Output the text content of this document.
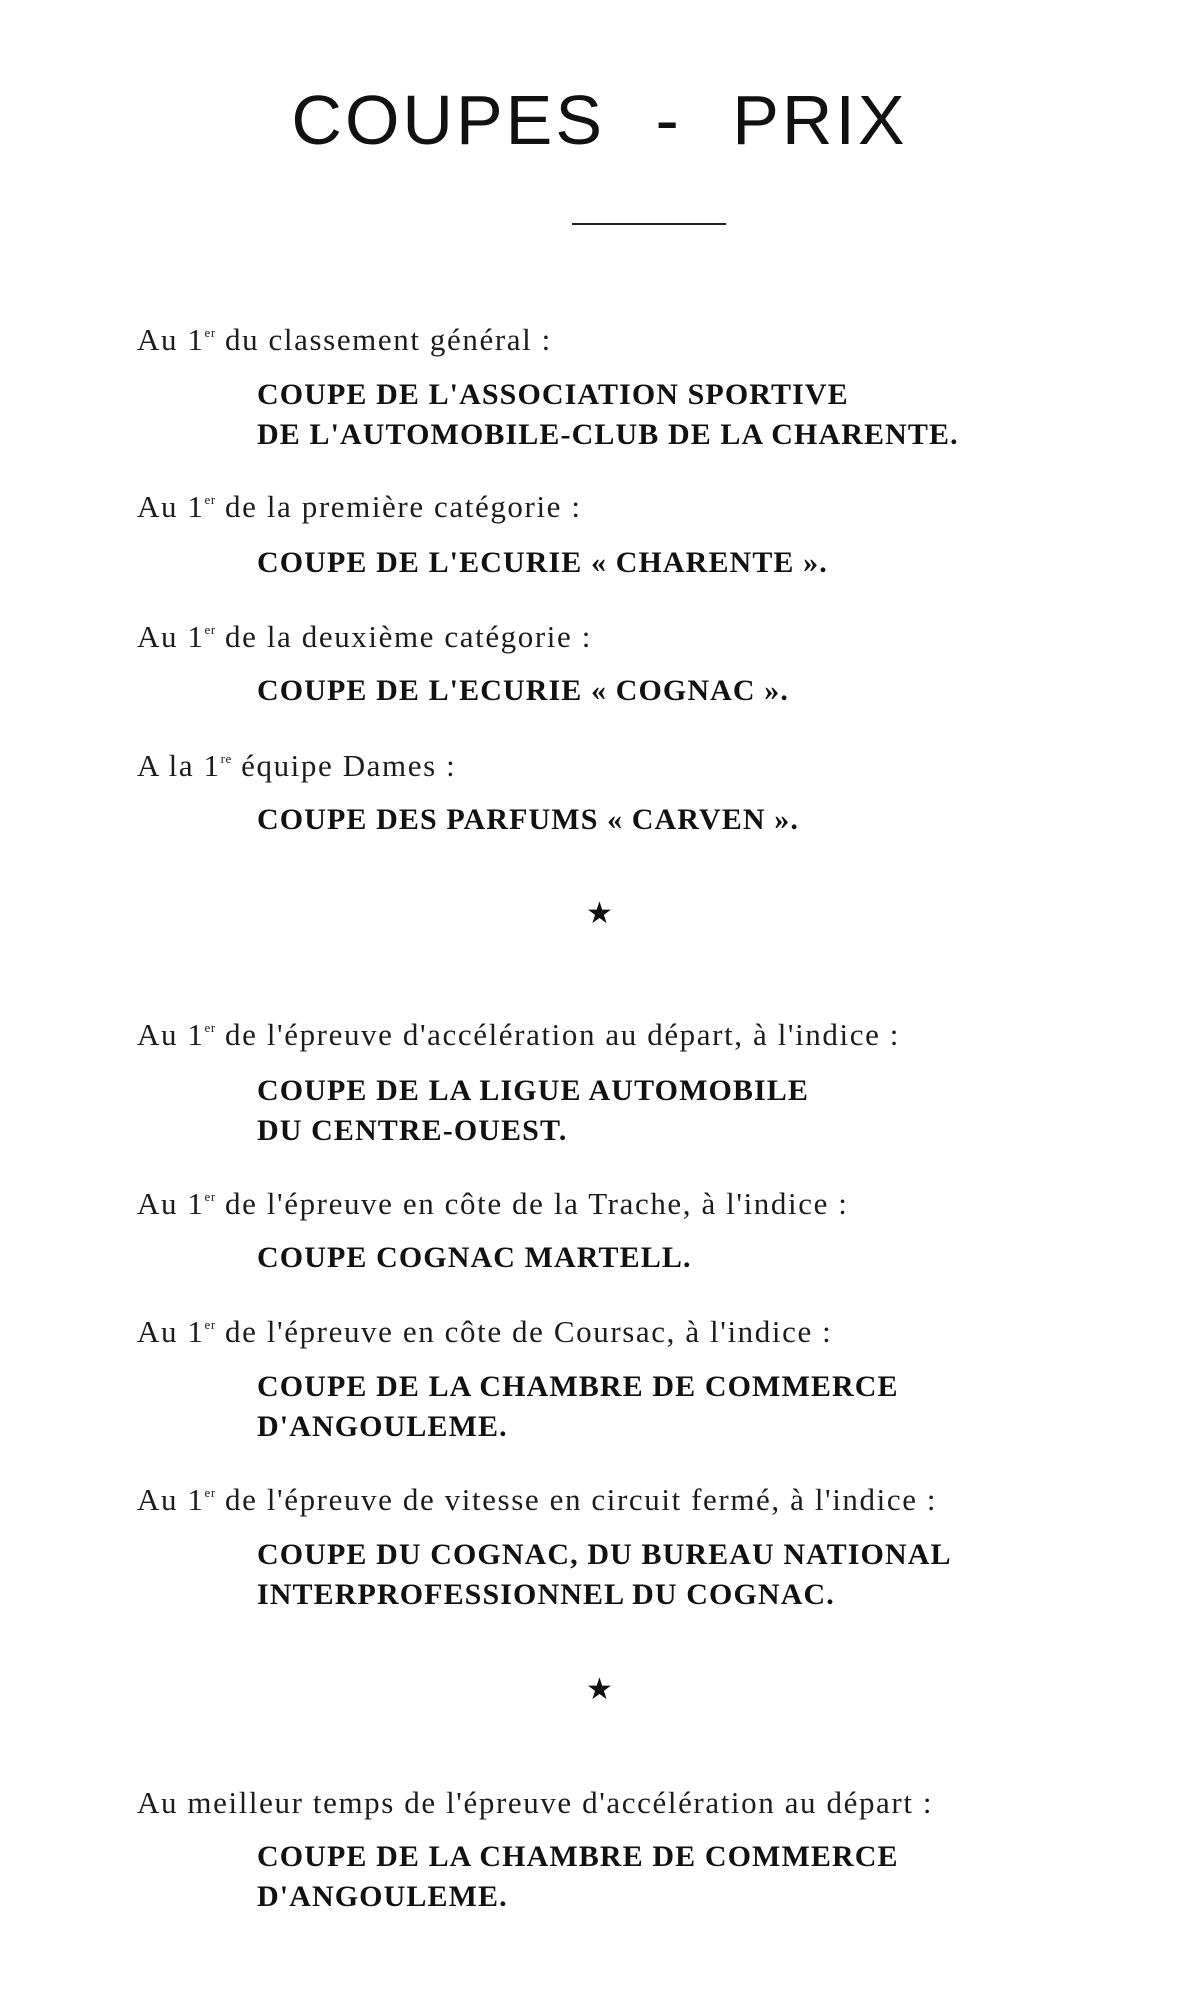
COUPES - PRIX
Au 1er du classement général :
COUPE DE L'ASSOCIATION SPORTIVE
DE L'AUTOMOBILE-CLUB DE LA CHARENTE.
Au 1er de la première catégorie :
COUPE DE L'ECURIE « CHARENTE ».
Au 1er de la deuxième catégorie :
COUPE DE L'ECURIE « COGNAC ».
A la 1re équipe Dames :
COUPE DES PARFUMS « CARVEN ».
★
Au 1er de l'épreuve d'accélération au départ, à l'indice :
COUPE DE LA LIGUE AUTOMOBILE
DU CENTRE-OUEST.
Au 1er de l'épreuve en côte de la Trache, à l'indice :
COUPE COGNAC MARTELL.
Au 1er de l'épreuve en côte de Coursac, à l'indice :
COUPE DE LA CHAMBRE DE COMMERCE
D'ANGOULEME.
Au 1er de l'épreuve de vitesse en circuit fermé, à l'indice :
COUPE DU COGNAC, DU BUREAU NATIONAL
INTERPROFESSIONNEL DU COGNAC.
★
Au meilleur temps de l'épreuve d'accélération au départ :
COUPE DE LA CHAMBRE DE COMMERCE
D'ANGOULEME.
